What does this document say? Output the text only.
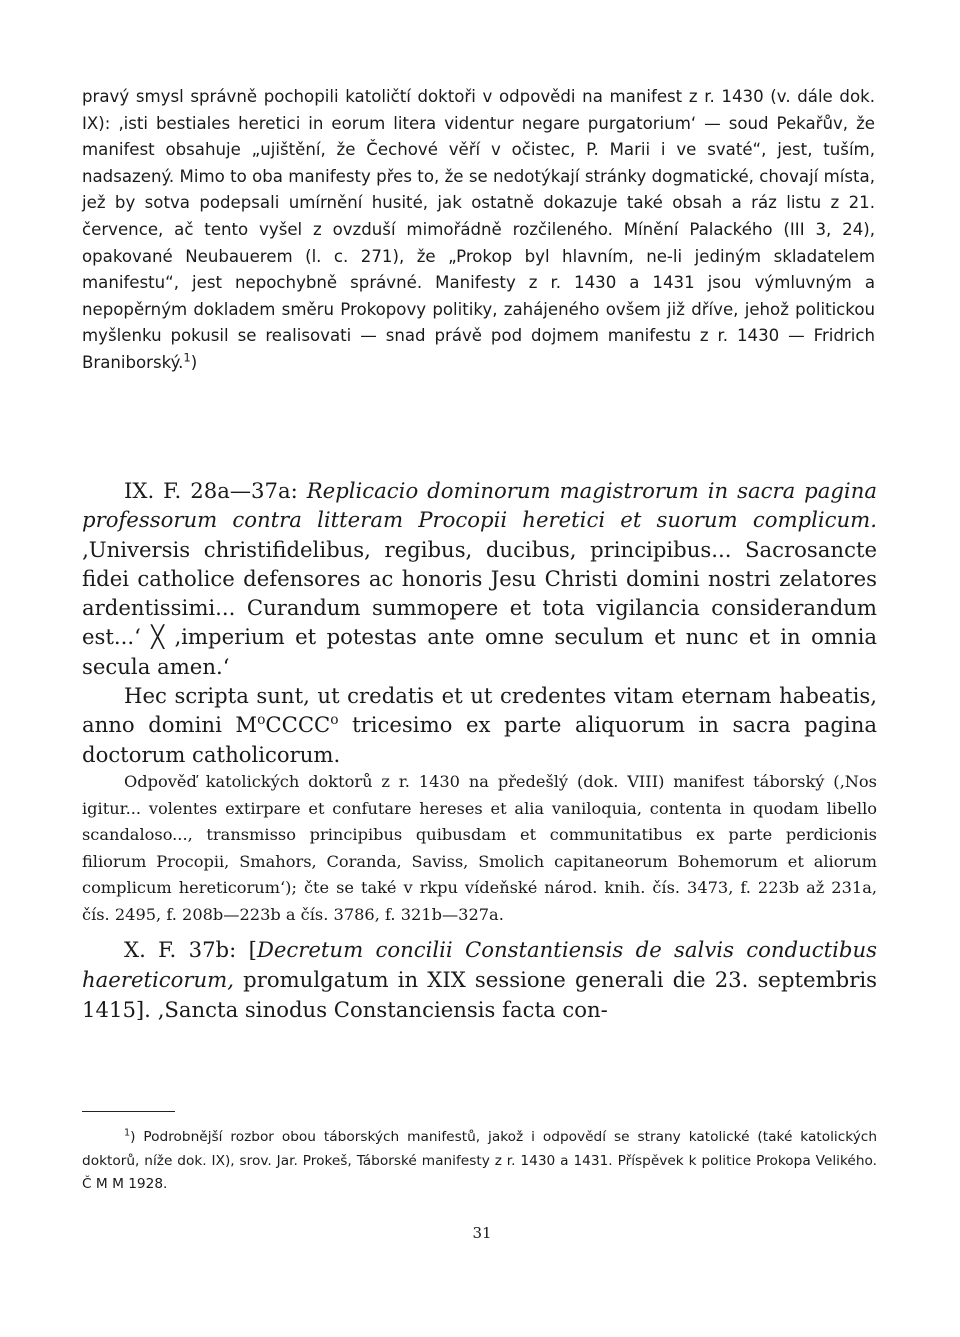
pravý smysl správně pochopili katoličtí doktoři v odpovědi na manifest z r. 1430 (v. dále dok. IX): ‚isti bestiales heretici in eorum litera videntur negare purgatorium‘ — soud Pekařův, že manifest obsahuje „ujištění, že Čechové věří v očistec, P. Marii i ve svaté“, jest, tuším, nadsazený. Mimo to oba manifesty přes to, že se nedotýkají stránky dogmatické, chovají místa, jež by sotva podepsali umírnění husité, jak ostatně dokazuje také obsah a ráz listu z 21. července, ač tento vyšel z ovzduší mimořádně rozčileného. Mínění Palackého (III 3, 24), opakované Neubauerem (l. c. 271), že „Prokop byl hlavním, ne-li jediným skladatelem manifestu“, jest nepochybně správné. Manifesty z r. 1430 a 1431 jsou výmluvným a nepopěrným dokladem směru Prokopovy politiky, zahájeného ovšem již dříve, jehož politickou myšlenku pokusil se realisovati — snad právě pod dojmem manifestu z r. 1430 — Fridrich Braniborský.$^1$)

IX. F. 28a—37a: Replicacio dominorum magistrorum in sacra pagina professorum contra litteram Procopii heretici et suorum complicum. ‚Universis christifidelibus, regibus, ducibus, principibus... Sacrosancte fidei catholice defensores ac honoris Jesu Christi domini nostri zelatores ardentissimi... Curandum summopere et tota vigilancia considerandum est...‘ ╳ ‚imperium et potestas ante omne seculum et nunc et in omnia secula amen.‘

Hec scripta sunt, ut credatis et ut credentes vitam eternam habeatis, anno domini $M^oCCCC^o$ tricesimo ex parte aliquorum in sacra pagina doctorum catholicorum.

Odpověď katolických doktorů z r. 1430 na předešlý (dok. VIII) manifest táborský (‚Nos igitur... volentes extirpare et confutare hereses et alia vaniloquia, contenta in quodam libello scandaloso..., transmisso principibus quibusdam et communitatibus ex parte perdicionis filiorum Procopii, Smahors, Coranda, Saviss, Smolich capitaneorum Bohemorum et aliorum complicum hereticorum‘); čte se také v rkpu vídeňské národ. knih. čís. 3473, f. 223b až 231a, čís. 2495, f. 208b—223b a čís. 3786, f. 321b—327a.

X. F. 37b: [Decretum concilii Constantiensis de salvis conductibus haereticorum, promulgatum in XIX sessione generali die 23. septembris 1415]. ‚Sancta sinodus Constanciensis facta con-

$^1$) Podrobnější rozbor obou táborských manifestů, jakož i odpovědí se strany katolické (také katolických doktorů, níže dok. IX), srov. Jar. Prokeš, Táborské manifesty z r. 1430 a 1431. Příspěvek k politice Prokopa Velikého. Č M M 1928.
31
